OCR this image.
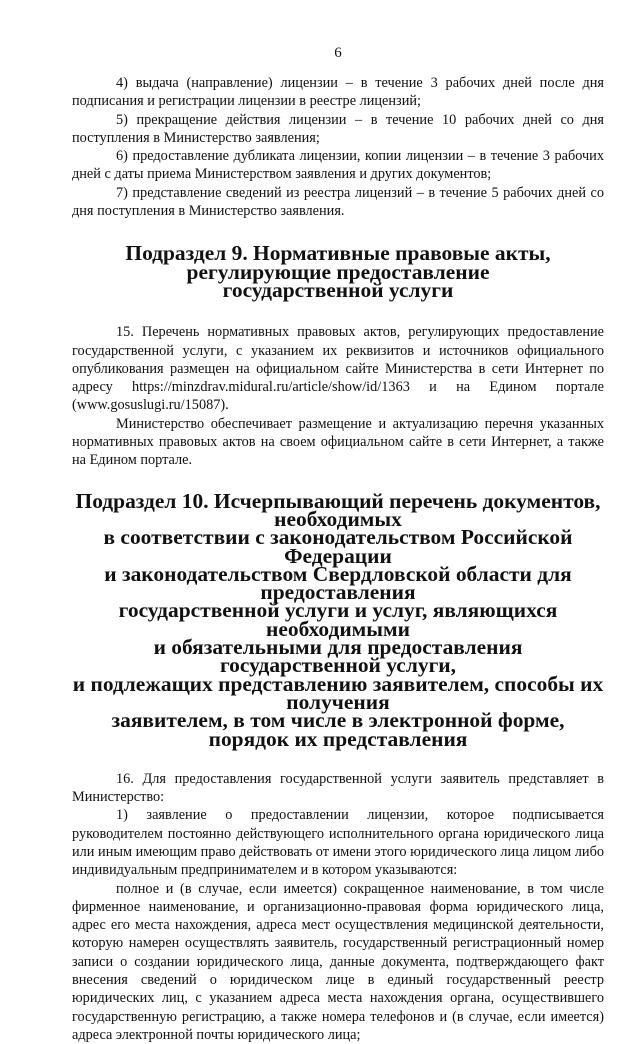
6

4) выдача (направление) лицензии – в течение 3 рабочих дней после дня подписания и регистрации лицензии в реестре лицензий;

5) прекращение действия лицензии – в течение 10 рабочих дней со дня поступления в Министерство заявления;

6) предоставление дубликата лицензии, копии лицензии – в течение 3 рабочих дней с даты приема Министерством заявления и других документов;

7) представление сведений из реестра лицензий – в течение 5 рабочих дней со дня поступления в Министерство заявления.

Подраздел 9. Нормативные правовые акты, регулирующие предоставление
государственной услуги

15. Перечень нормативных правовых актов, регулирующих предоставление государственной услуги, с указанием их реквизитов и источников официального опубликования размещен на официальном сайте Министерства в сети Интернет по адресу https://minzdrav.midural.ru/article/show/id/1363 и на Едином портале (www.gosuslugi.ru/15087).

Министерство обеспечивает размещение и актуализацию перечня указанных нормативных правовых актов на своем официальном сайте в сети Интернет, а также на Едином портале.

Подраздел 10. Исчерпывающий перечень документов, необходимых
в соответствии с законодательством Российской Федерации
и законодательством Свердловской области для предоставления
государственной услуги и услуг, являющихся необходимыми
и обязательными для предоставления государственной услуги,
и подлежащих представлению заявителем, способы их получения
заявителем, в том числе в электронной форме, порядок их представления

16. Для предоставления государственной услуги заявитель представляет в Министерство:

1) заявление о предоставлении лицензии, которое подписывается руководителем постоянно действующего исполнительного органа юридического лица или иным имеющим право действовать от имени этого юридического лица лицом либо индивидуальным предпринимателем и в котором указываются:

полное и (в случае, если имеется) сокращенное наименование, в том числе фирменное наименование, и организационно-правовая форма юридического лица, адрес его места нахождения, адреса мест осуществления медицинской деятельности, которую намерен осуществлять заявитель, государственный регистрационный номер записи о создании юридического лица, данные документа, подтверждающего факт внесения сведений о юридическом лице в единый государственный реестр юридических лиц, с указанием адреса места нахождения органа, осуществившего государственную регистрацию, а также номера телефонов и (в случае, если имеется) адреса электронной почты юридического лица;
